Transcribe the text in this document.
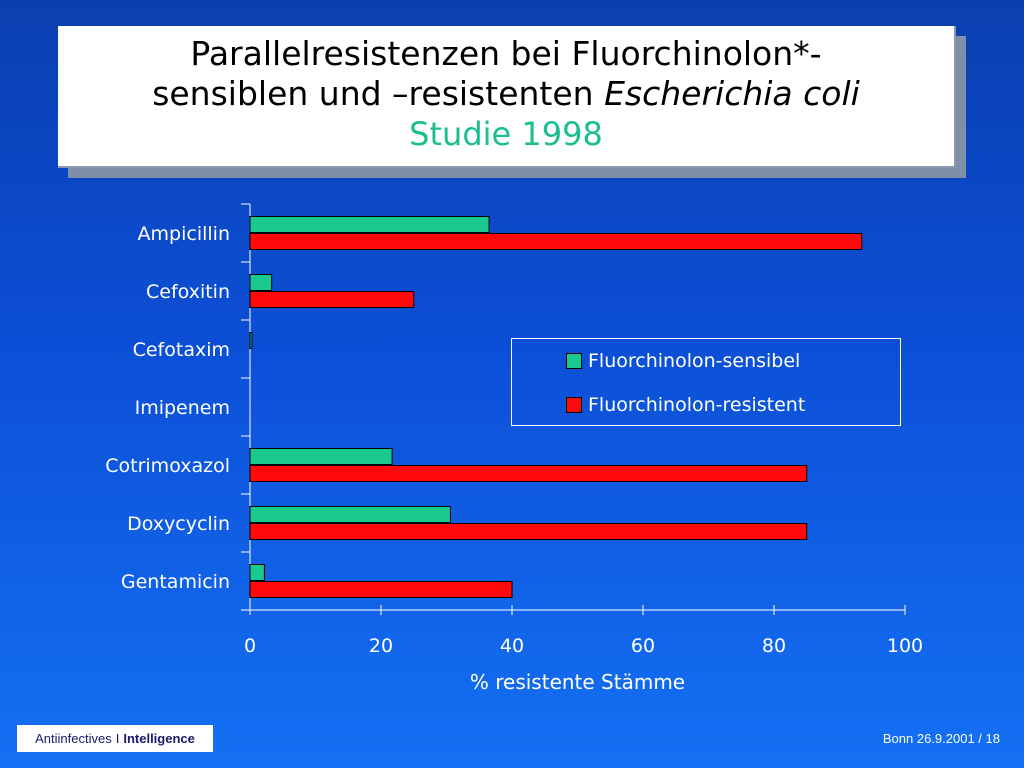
Parallelresistenzen bei Fluorchinolon*-
sensiblen und –resistenten Escherichia coli
Studie 1998
Ampicillin
Cefoxitin
Cefotaxim
Imipenem
Cotrimoxazol
Doxycyclin
Gentamicin
0	20	40	60	80	100
Fluorchinolon-sensibel
Fluorchinolon-resistent
% resistente Stämme
Antiinfectives I Intelligence	Bonn 26.9.2001 / 18
